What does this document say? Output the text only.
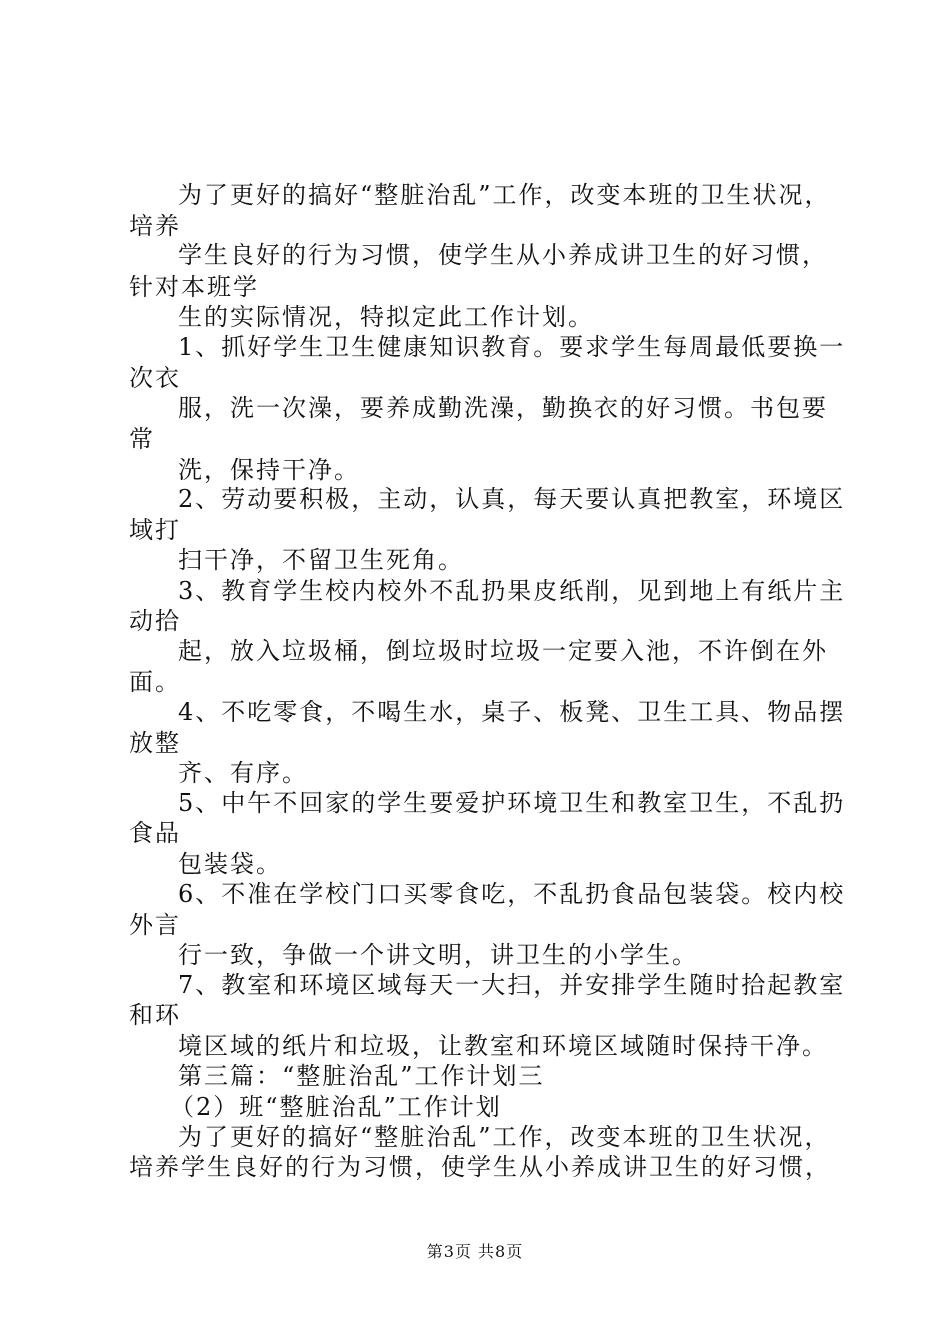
为了更好的搞好“整脏治乱”工作，改变本班的卫生状况，
培养
学生良好的行为习惯，使学生从小养成讲卫生的好习惯，
针对本班学
生的实际情况，特拟定此工作计划。
1、抓好学生卫生健康知识教育。要求学生每周最低要换一
次衣
服，洗一次澡，要养成勤洗澡，勤换衣的好习惯。书包要
常
洗，保持干净。
2、劳动要积极，主动，认真，每天要认真把教室，环境区
域打
扫干净，不留卫生死角。
3、教育学生校内校外不乱扔果皮纸削，见到地上有纸片主
动拾
起，放入垃圾桶，倒垃圾时垃圾一定要入池，不许倒在外
面。
4、不吃零食，不喝生水，桌子、板凳、卫生工具、物品摆
放整
齐、有序。
5、中午不回家的学生要爱护环境卫生和教室卫生，不乱扔
食品
包装袋。
6、不准在学校门口买零食吃，不乱扔食品包装袋。校内校
外言
行一致，争做一个讲文明，讲卫生的小学生。
7、教室和环境区域每天一大扫，并安排学生随时拾起教室
和环
境区域的纸片和垃圾，让教室和环境区域随时保持干净。
第三篇：“整脏治乱”工作计划三
（2）班“整脏治乱”工作计划
为了更好的搞好“整脏治乱”工作，改变本班的卫生状况，
培养学生良好的行为习惯，使学生从小养成讲卫生的好习惯，
第3页 共8页
